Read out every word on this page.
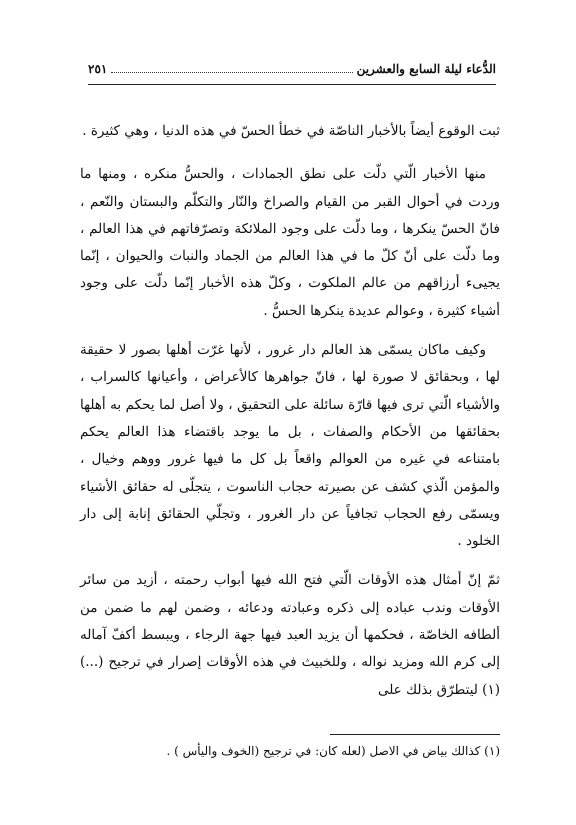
الدُّعاء ليلة السابع والعشرين
٢٥١

ثبت الوقوع أيضاً بالأخبار الناصّة في خطأ الحسّ في هذه الدنيا ، وهي كثيرة .

منها الأخبار الّتي دلّت على نطق الجمادات ، والحسُّ منكره ، ومنها ما وردت في أحوال القبر من القيام والصراخ والنّار والتكلّم والبستان والنّعم ، فانّ الحسّ ينكرها ، وما دلّت على وجود الملائكة وتصرّفاتهم في هذا العالم ، وما دلّت على أنّ كلّ ما في هذا العالم من الجماد والنبات والحيوان ، إنّما يجيىء أرزاقهم من عالم الملكوت ، وكلّ هذه الأخبار إنّما دلّت على وجود أشياء كثيرة ، وعوالم عديدة ينكرها الحسُّ .

وكيف ماكان يسمّى هذ العالم دار غرور ، لأنها غرّت أهلها بصور لا حقيقة لها ، وبحقائق لا صورة لها ، فانّ جواهرها كالأعراض ، وأعيانها كالسراب ، والأشياء الّتي ترى فيها قارّة سائلة على التحقيق ، ولا أصل لما يحكم به أهلها بحقائقها من الأحكام والصفات ، بل ما يوجد باقتضاء هذا العالم يحكم بامتناعه في غيره من العوالم واقعاً بل كل ما فيها غرور ووهم وخيال ، والمؤمن الّذي كشف عن بصيرته حجاب الناسوت ، يتجلّى له حقائق الأشياء ويسمّى رفع الحجاب تجافياً عن دار الغرور ، وتجلّي الحقائق إنابة إلى دار الخلود .

ثمّ إنّ أمثال هذه الأوقات الّتي فتح الله فيها أبواب رحمته ، أزيد من سائر الأوقات وندب عباده إلى ذكره وعبادته ودعائه ، وضمن لهم ما ضمن من ألطافه الخاصّة ، فحكمها أن يزيد العبد فيها جهة الرجاء ، ويبسط أكفّ آماله إلى كرم الله ومزيد نواله ، وللخبيث في هذه الأوقات إصرار في ترجيح (...)(١) ليتطرّق بذلك على

(١) كذالك بياض في الاصل (لعله كان: في ترجيح (الخوف واليأس ) .
